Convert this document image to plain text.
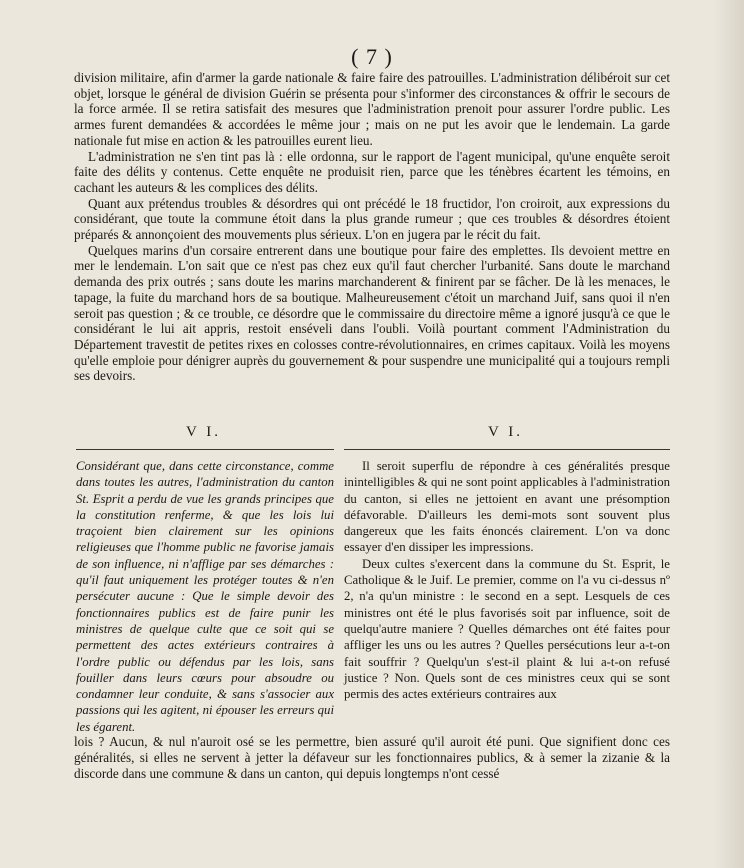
( 7 )

division militaire, afin d'armer la garde nationale & faire faire des patrouilles. L'administration délibéroit sur cet objet, lorsque le général de division Guérin se présenta pour s'informer des circonstances & offrir le secours de la force armée. Il se retira satisfait des mesures que l'administration prenoit pour assurer l'ordre public. Les armes furent demandées & accordées le même jour ; mais on ne put les avoir que le lendemain. La garde nationale fut mise en action & les patrouilles eurent lieu.

L'administration ne s'en tint pas là : elle ordonna, sur le rapport de l'agent municipal, qu'une enquête seroit faite des délits y contenus. Cette enquête ne produisit rien, parce que les ténèbres écartent les témoins, en cachant les auteurs & les complices des délits.

Quant aux prétendus troubles & désordres qui ont précédé le 18 fructidor, l'on croiroit, aux expressions du considérant, que toute la commune étoit dans la plus grande rumeur ; que ces troubles & désordres étoient préparés & annonçoient des mouvements plus sérieux. L'on en jugera par le récit du fait.

Quelques marins d'un corsaire entrerent dans une boutique pour faire des emplettes. Ils devoient mettre en mer le lendemain. L'on sait que ce n'est pas chez eux qu'il faut chercher l'urbanité. Sans doute le marchand demanda des prix outrés ; sans doute les marins marchanderent & finirent par se fâcher. De là les menaces, le tapage, la fuite du marchand hors de sa boutique. Malheureusement c'étoit un marchand Juif, sans quoi il n'en seroit pas question ; & ce trouble, ce désordre que le commissaire du directoire même a ignoré jusqu'à ce que le considérant le lui ait appris, restoit enséveli dans l'oubli. Voilà pourtant comment l'Administration du Département travestit de petites rixes en colosses contre-révolutionnaires, en crimes capitaux. Voilà les moyens qu'elle emploie pour dénigrer auprès du gouvernement & pour suspendre une municipalité qui a toujours rempli ses devoirs.

V I.	V I.

Considérant que, dans cette circonstance, comme dans toutes les autres, l'administration du canton St. Esprit a perdu de vue les grands principes que la constitution renferme, & que les lois lui traçoient bien clairement sur les opinions religieuses que l'homme public ne favorise jamais de son influence, ni n'afflige par ses démarches : qu'il faut uniquement les protéger toutes & n'en persécuter aucune : Que le simple devoir des fonctionnaires publics est de faire punir les ministres de quelque culte que ce soit qui se permettent des actes extérieurs contraires à l'ordre public ou défendus par les lois, sans fouiller dans leurs cœurs pour absoudre ou condamner leur conduite, & sans s'associer aux passions qui les agitent, ni épouser les erreurs qui les égarent.

Il seroit superflu de répondre à ces généralités presque inintelligibles & qui ne sont point applicables à l'administration du canton, si elles ne jettoient en avant une présomption défavorable. D'ailleurs les demi-mots sont souvent plus dangereux que les faits énoncés clairement. L'on va donc essayer d'en dissiper les impressions.

Deux cultes s'exercent dans la commune du St. Esprit, le Catholique & le Juif. Le premier, comme on l'a vu ci-dessus nº 2, n'a qu'un ministre : le second en a sept. Lesquels de ces ministres ont été le plus favorisés soit par influence, soit de quelqu'autre maniere ? Quelles démarches ont été faites pour affliger les uns ou les autres ? Quelles persécutions leur a-t-on fait souffrir ? Quelqu'un s'est-il plaint & lui a-t-on refusé justice ? Non. Quels sont de ces ministres ceux qui se sont permis des actes extérieurs contraires aux

lois ? Aucun, & nul n'auroit osé se les permettre, bien assuré qu'il auroit été puni. Que signifient donc ces généralités, si elles ne servent à jetter la défaveur sur les fonctionnaires publics, & à semer la zizanie & la discorde dans une commune & dans un canton, qui depuis longtemps n'ont cessé
